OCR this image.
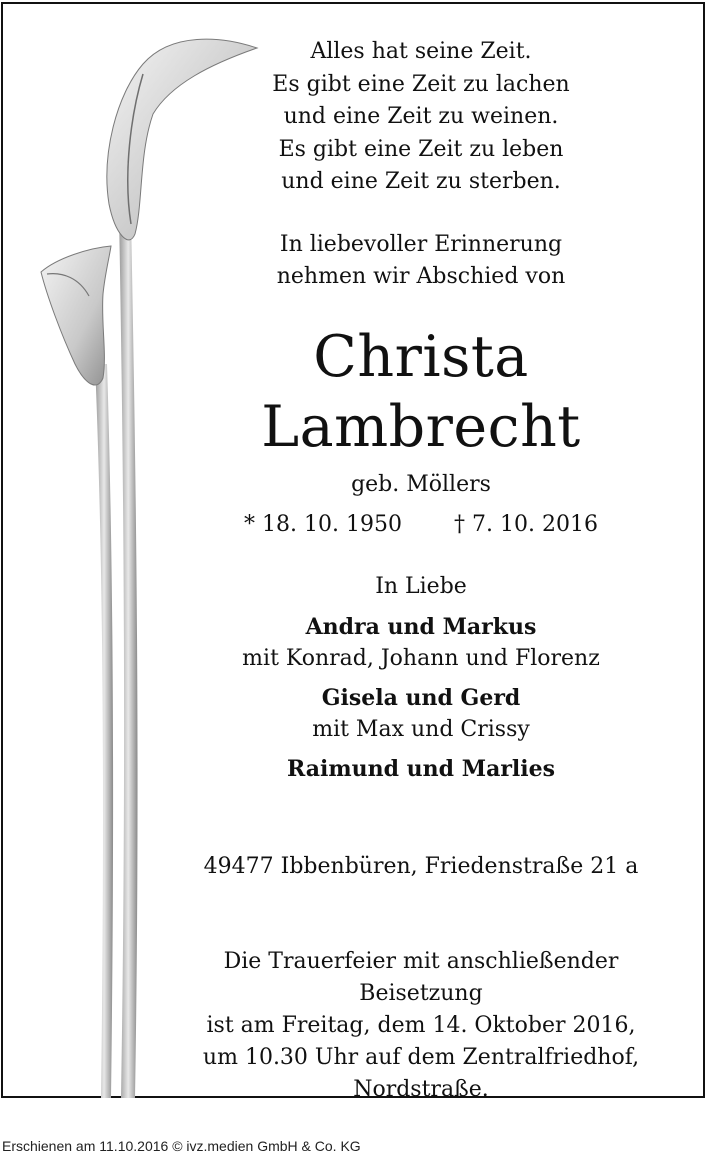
Alles hat seine Zeit.
Es gibt eine Zeit zu lachen
und eine Zeit zu weinen.
Es gibt eine Zeit zu leben
und eine Zeit zu sterben.
In liebevoller Erinnerung
nehmen wir Abschied von
Christa
Lambrecht
geb. Möllers
* 18. 10. 1950 † 7. 10. 2016
In Liebe
Andra und Markus
mit Konrad, Johann und Florenz
Gisela und Gerd
mit Max und Crissy
Raimund und Marlies
49477 Ibbenbüren, Friedenstraße 21 a
Die Trauerfeier mit anschließender Beisetzung
ist am Freitag, dem 14. Oktober 2016,
um 10.30 Uhr auf dem Zentralfriedhof,
Nordstraße.
Erschienen am 11.10.2016 © ivz.medien GmbH & Co. KG
